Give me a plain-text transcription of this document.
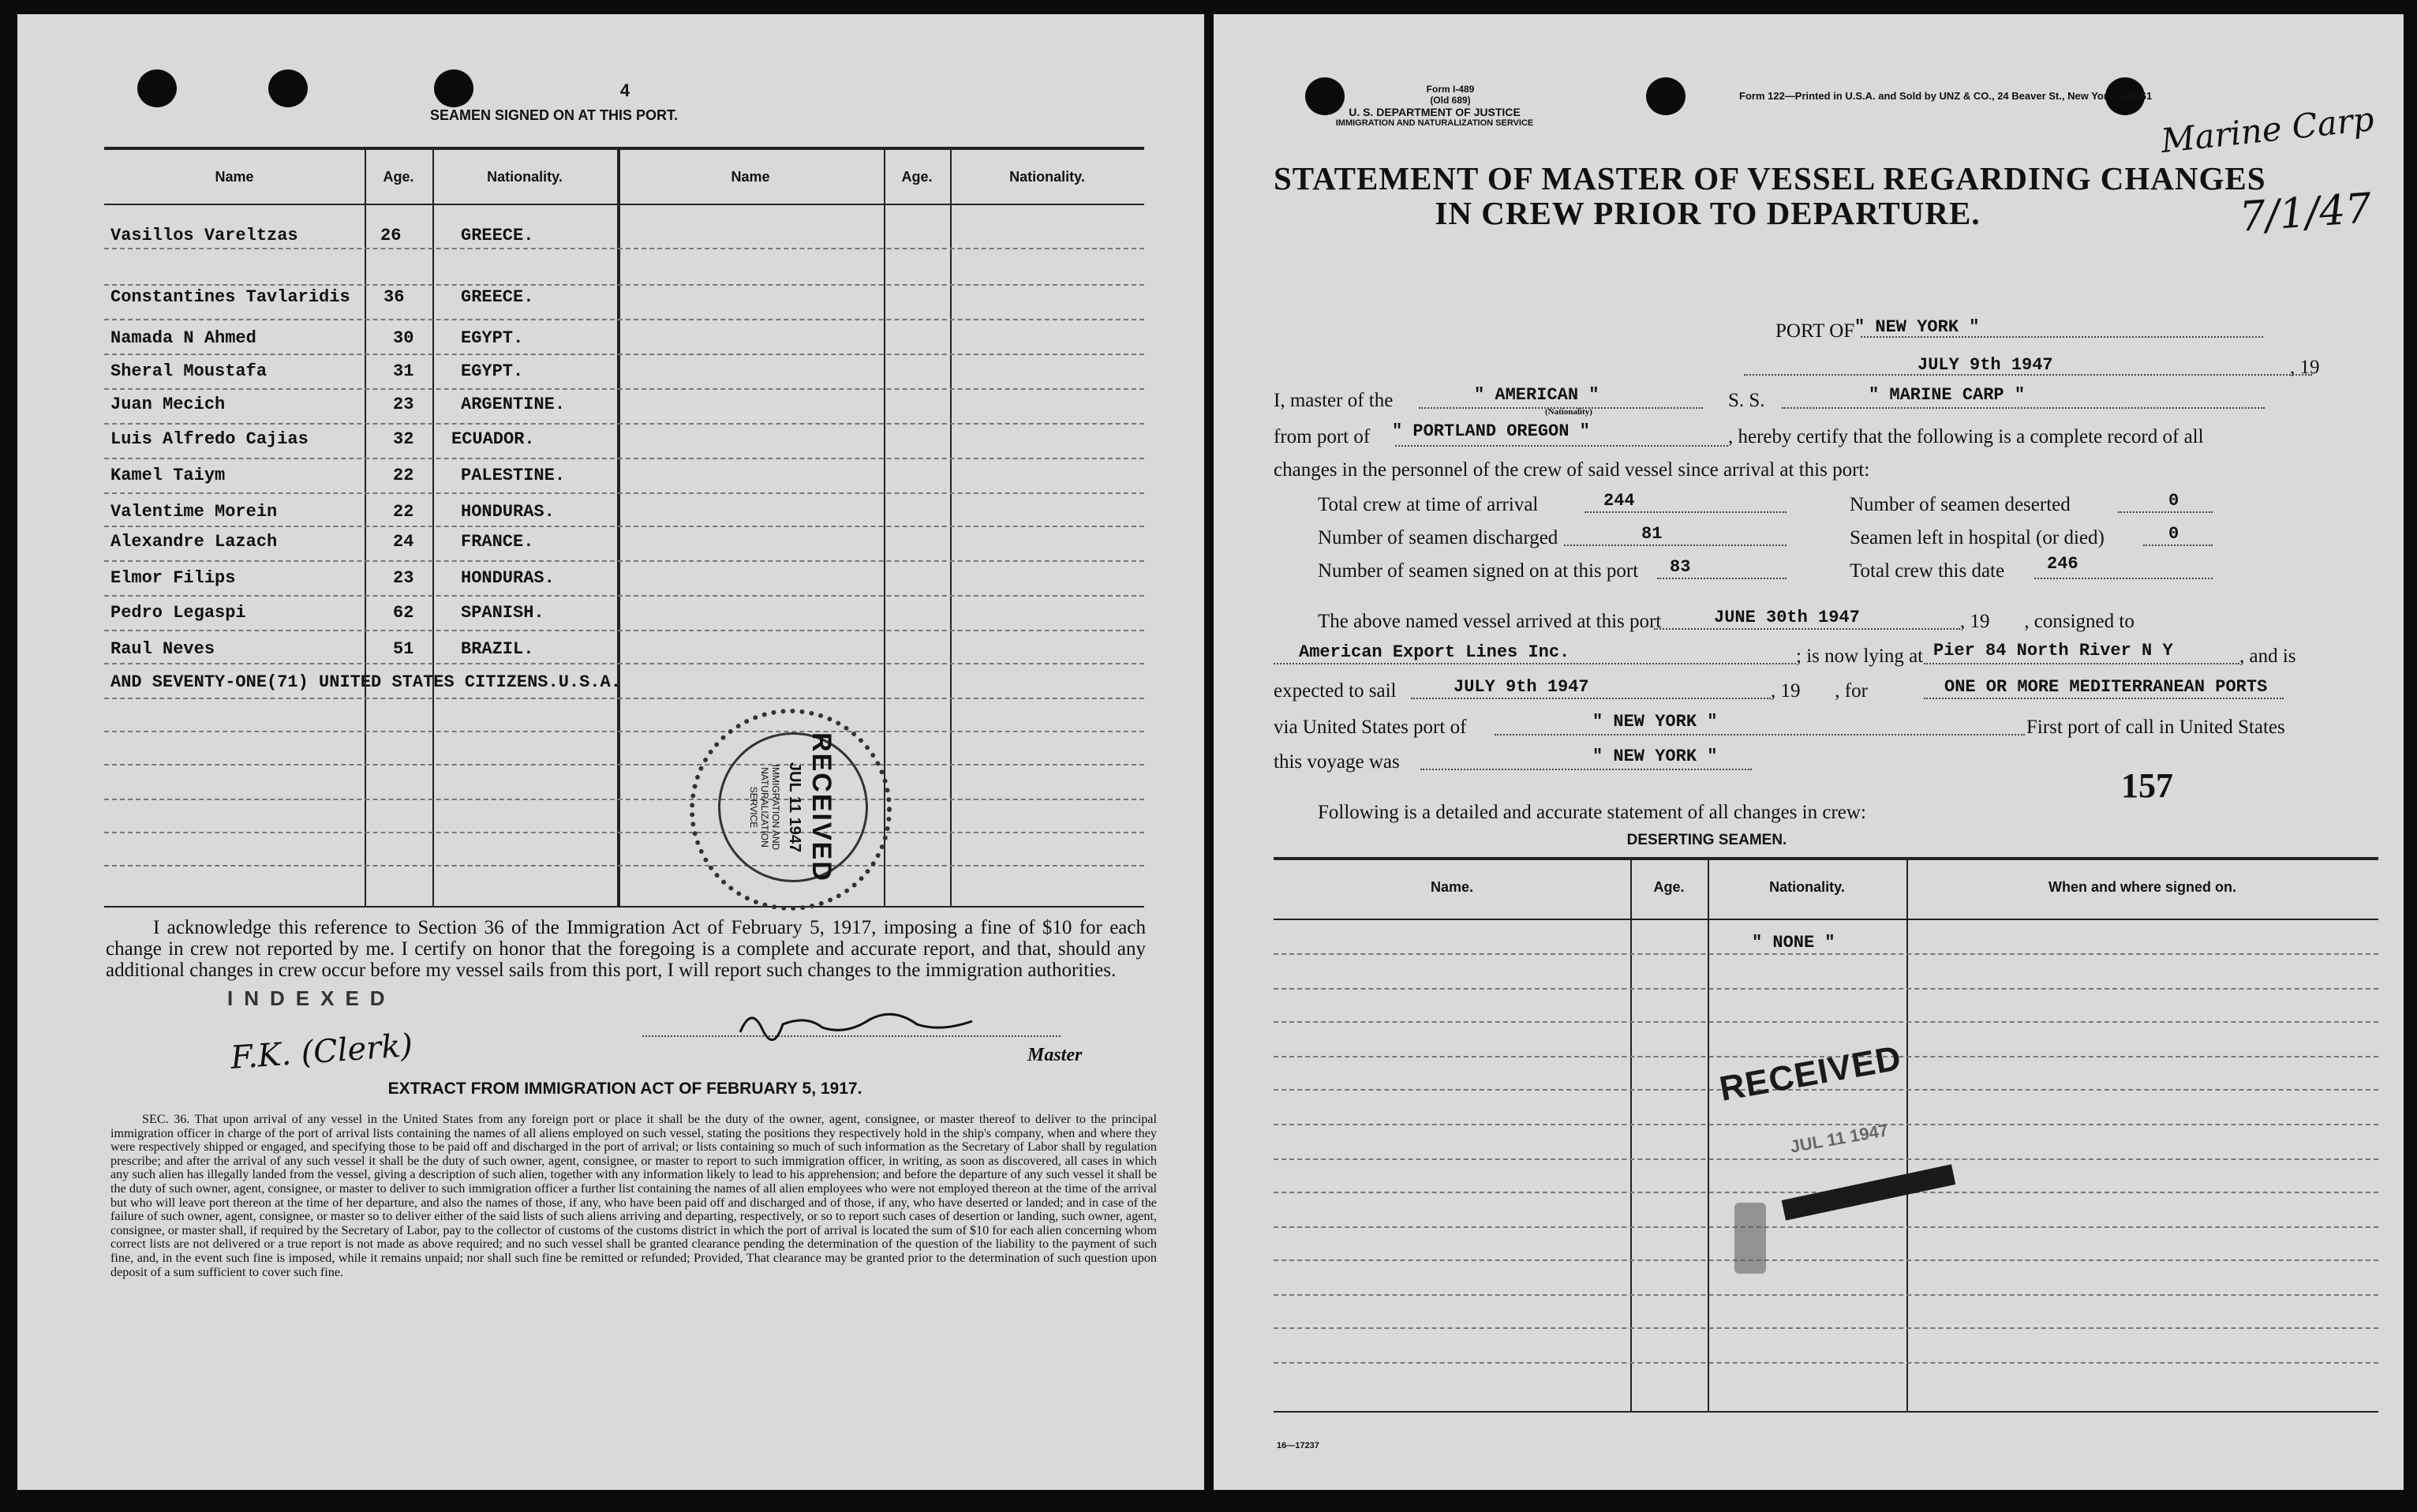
4
SEAMEN SIGNED ON AT THIS PORT.
Name	Age.	Nationality.	Name	Age.	Nationality.
Vasillos Vareltzas	26	GREECE.
Constantines Tavlaridis 36	GREECE.
Namada N Ahmed	30	EGYPT.
Sheral Moustafa	31	EGYPT.
Juan Mecich	23	ARGENTINE.
Luis Alfredo Cajias	32 ECUADOR.
Kamel Taiym	22	PALESTINE.
Valentime Morein	22	HONDURAS.
Alexandre Lazach	24	FRANCE.
Elmor Filips	23	HONDURAS.
Pedro Legaspi	62	SPANISH.
Raul Neves	51	BRAZIL.
AND SEVENTY-ONE(71) UNITED STATES CITIZENS.U.S.A.
RECEIVED
JUL 11 1947
IMMIGRATION AND NATURALIZATION SERVICE
I acknowledge this reference to Section 36 of the Immigration Act of February 5, 1917, imposing a fine of $10 for each change in crew not reported by me. I certify on honor that the foregoing is a complete and accurate report, and that, should any additional changes in crew occur before my vessel sails from this port, I will report such changes to the immigration authorities.
INDEXED
F.K. (Clerk)	Master
EXTRACT FROM IMMIGRATION ACT OF FEBRUARY 5, 1917.
SEC. 36. That upon arrival of any vessel in the United States from any foreign port or place it shall be the duty of the owner, agent, consignee, or master thereof to deliver to the principal immigration officer in charge of the port of arrival lists containing the names of all aliens employed on such vessel, stating the positions they respectively hold in the ship's company, when and where they were respectively shipped or engaged, and specifying those to be paid off and discharged in the port of arrival; or lists containing so much of such information as the Secretary of Labor shall by regulation prescribe; and after the arrival of any such vessel it shall be the duty of such owner, agent, consignee, or master to report to such immigration officer, in writing, as soon as discovered, all cases in which any such alien has illegally landed from the vessel, giving a description of such alien, together with any information likely to lead to his apprehension; and before the departure of any such vessel it shall be the duty of such owner, agent, consignee, or master to deliver to such immigration officer a further list containing the names of all alien employees who were not employed thereon at the time of the arrival but who will leave port thereon at the time of her departure, and also the names of those, if any, who have been paid off and discharged and of those, if any, who have deserted or landed; and in case of the failure of such owner, agent, consignee, or master so to deliver either of the said lists of such aliens arriving and departing, respectively, or so to report such cases of desertion or landing, such owner, agent, consignee, or master shall, if required by the Secretary of Labor, pay to the collector of customs of the customs district in which the port of arrival is located the sum of $10 for each alien concerning whom correct lists are not delivered or a true report is not made as above required; and no such vessel shall be granted clearance pending the determination of the question of the liability to the payment of such fine, and, in the event such fine is imposed, while it remains unpaid; nor shall such fine be remitted or refunded; Provided, That clearance may be granted prior to the determination of such question upon deposit of a sum sufficient to cover such fine.
Form I-489
(Old 689)
U. S. DEPARTMENT OF JUSTICE
IMMIGRATION AND NATURALIZATION SERVICE
Form 122—Printed in U.S.A. and Sold by UNZ & CO., 24 Beaver St., New York—24061
Marine Carp
7/1/47
STATEMENT OF MASTER OF VESSEL REGARDING CHANGES
IN CREW PRIOR TO DEPARTURE.
PORT OF " NEW YORK "
JULY 9th 1947	, 19
I, master of the	" AMERICAN "
(Nationality)
S. S.	" MARINE CARP "
from port of " PORTLAND OREGON "	, hereby certify that the following is a complete record of all
changes in the personnel of the crew of said vessel since arrival at this port:
Total crew at time of arrival	244	Number of seamen deserted	0
Number of seamen discharged	81	Seamen left in hospital (or died)	0
Number of seamen signed on at this port 83	Total crew this date 246
The above named vessel arrived at this port	JUNE 30th 1947	, 19       , consigned to
American Export Lines Inc.	; is now lying at Pier 84 North River N Y	, and is
expected to sail	JULY 9th 1947	, 19       , for	ONE OR MORE MEDITERRANEAN PORTS
via United States port of	" NEW YORK "	First port of call in United States
this voyage was	" NEW YORK "
157
Following is a detailed and accurate statement of all changes in crew:
DESERTING SEAMEN.
Name.	Age.	Nationality.	When and where signed on.
" NONE "
RECEIVED
JUL 11 1947
16—17237
